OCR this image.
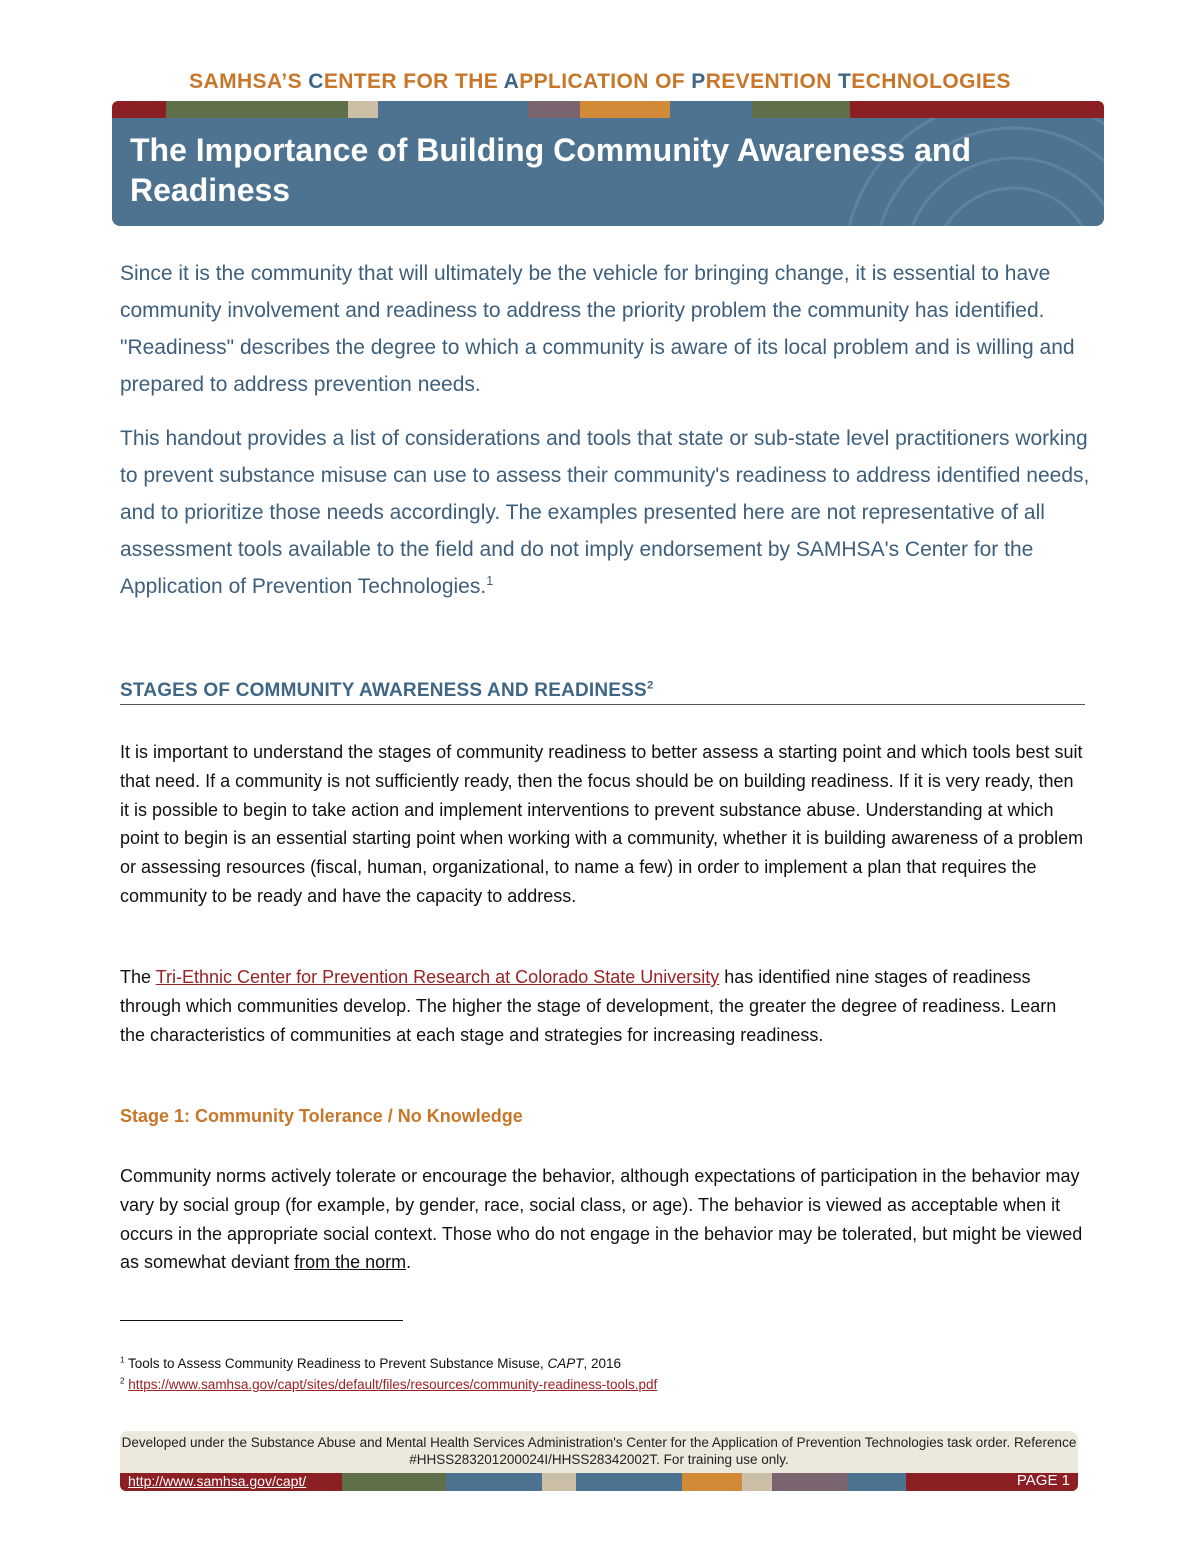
SAMHSA’S CENTER FOR THE APPLICATION OF PREVENTION TECHNOLOGIES
The Importance of Building Community Awareness and Readiness

Since it is the community that will ultimately be the vehicle for bringing change, it is essential to have community involvement and readiness to address the priority problem the community has identified. "Readiness" describes the degree to which a community is aware of its local problem and is willing and prepared to address prevention needs.

This handout provides a list of considerations and tools that state or sub-state level practitioners working to prevent substance misuse can use to assess their community's readiness to address identified needs, and to prioritize those needs accordingly. The examples presented here are not representative of all assessment tools available to the field and do not imply endorsement by SAMHSA's Center for the Application of Prevention Technologies.$^1$

STAGES OF COMMUNITY AWARENESS AND READINESS$^2$

It is important to understand the stages of community readiness to better assess a starting point and which tools best suit that need. If a community is not sufficiently ready, then the focus should be on building readiness. If it is very ready, then it is possible to begin to take action and implement interventions to prevent substance abuse. Understanding at which point to begin is an essential starting point when working with a community, whether it is building awareness of a problem or assessing resources (fiscal, human, organizational, to name a few) in order to implement a plan that requires the community to be ready and have the capacity to address.

The Tri-Ethnic Center for Prevention Research at Colorado State University has identified nine stages of readiness through which communities develop. The higher the stage of development, the greater the degree of readiness. Learn the characteristics of communities at each stage and strategies for increasing readiness.

Stage 1: Community Tolerance / No Knowledge

Community norms actively tolerate or encourage the behavior, although expectations of participation in the behavior may vary by social group (for example, by gender, race, social class, or age). The behavior is viewed as acceptable when it occurs in the appropriate social context. Those who do not engage in the behavior may be tolerated, but might be viewed as somewhat deviant from the norm.

$^1$ Tools to Assess Community Readiness to Prevent Substance Misuse, CAPT, 2016
$^2$ https://www.samhsa.gov/capt/sites/default/files/resources/community-readiness-tools.pdf
Developed under the Substance Abuse and Mental Health Services Administration's Center for the Application of Prevention Technologies task order. Reference #HHSS283201200024I/HHSS28342002T. For training use only.
http://www.samhsa.gov/capt/	PAGE 1
